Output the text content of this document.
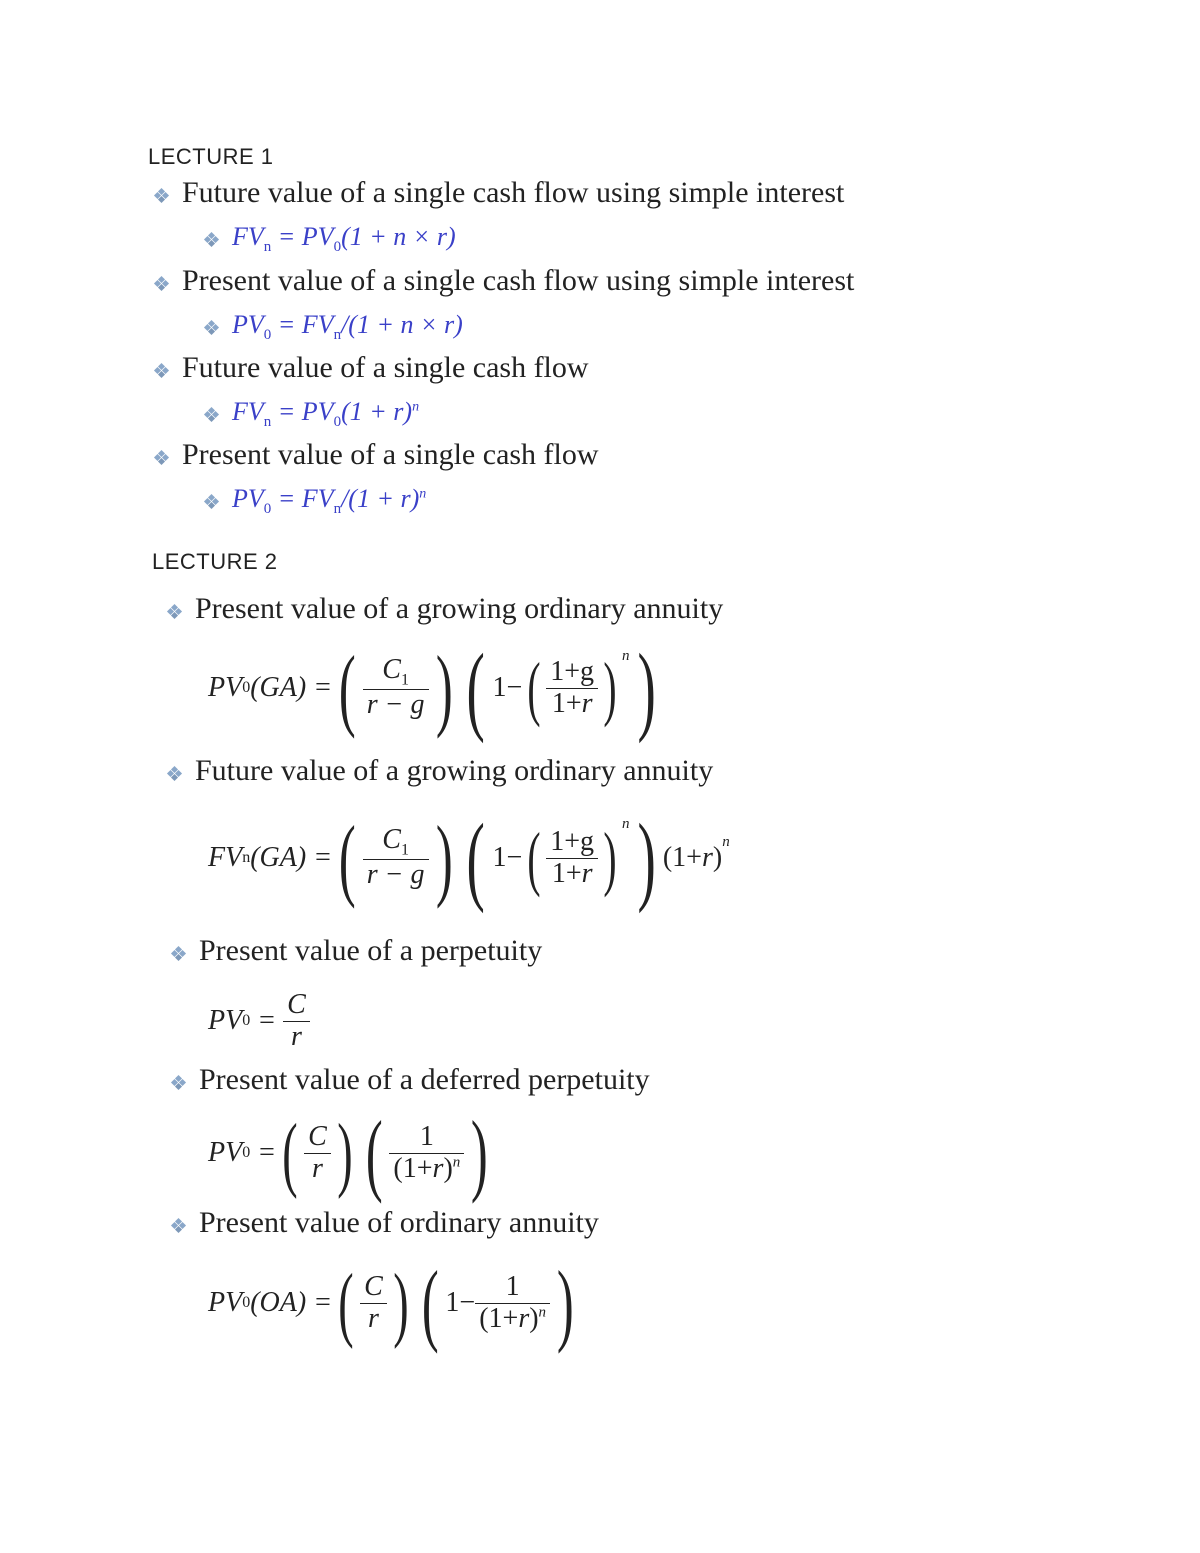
LECTURE 1
Future value of a single cash flow using simple interest
$FV_n = PV_0(1 + n \times r)$
Present value of a single cash flow using simple interest
$PV_0 = FV_n/(1 + n \times r)$
Future value of a single cash flow
$FV_n = PV_0(1 + r)^n$
Present value of a single cash flow
$PV_0 = FV_n/(1 + r)^n$
LECTURE 2
Present value of a growing ordinary annuity
PV 0 (GA) = ( $\frac{C_1}{r - g}$ ) ( 1− ( $\frac{1+g}{1+r}$ ) $^n$ )
Future value of a growing ordinary annuity
FV n (GA) = ( $\frac{C_1}{r - g}$ ) ( 1− ( $\frac{1+g}{1+r}$ ) $^n$ ) (1+ r )$^n$
Present value of a perpetuity
PV $0 = \frac{C}{r}$
Present value of a deferred perpetuity
PV 0 = ( $\frac{C}{r}$ ) ( $\frac{1}{(1+r)^n}$ )
Present value of ordinary annuity
PV 0 (OA) = ( $\frac{C}{r}$ ) ( $1- \frac{1}{(1+r)^n}$ )
